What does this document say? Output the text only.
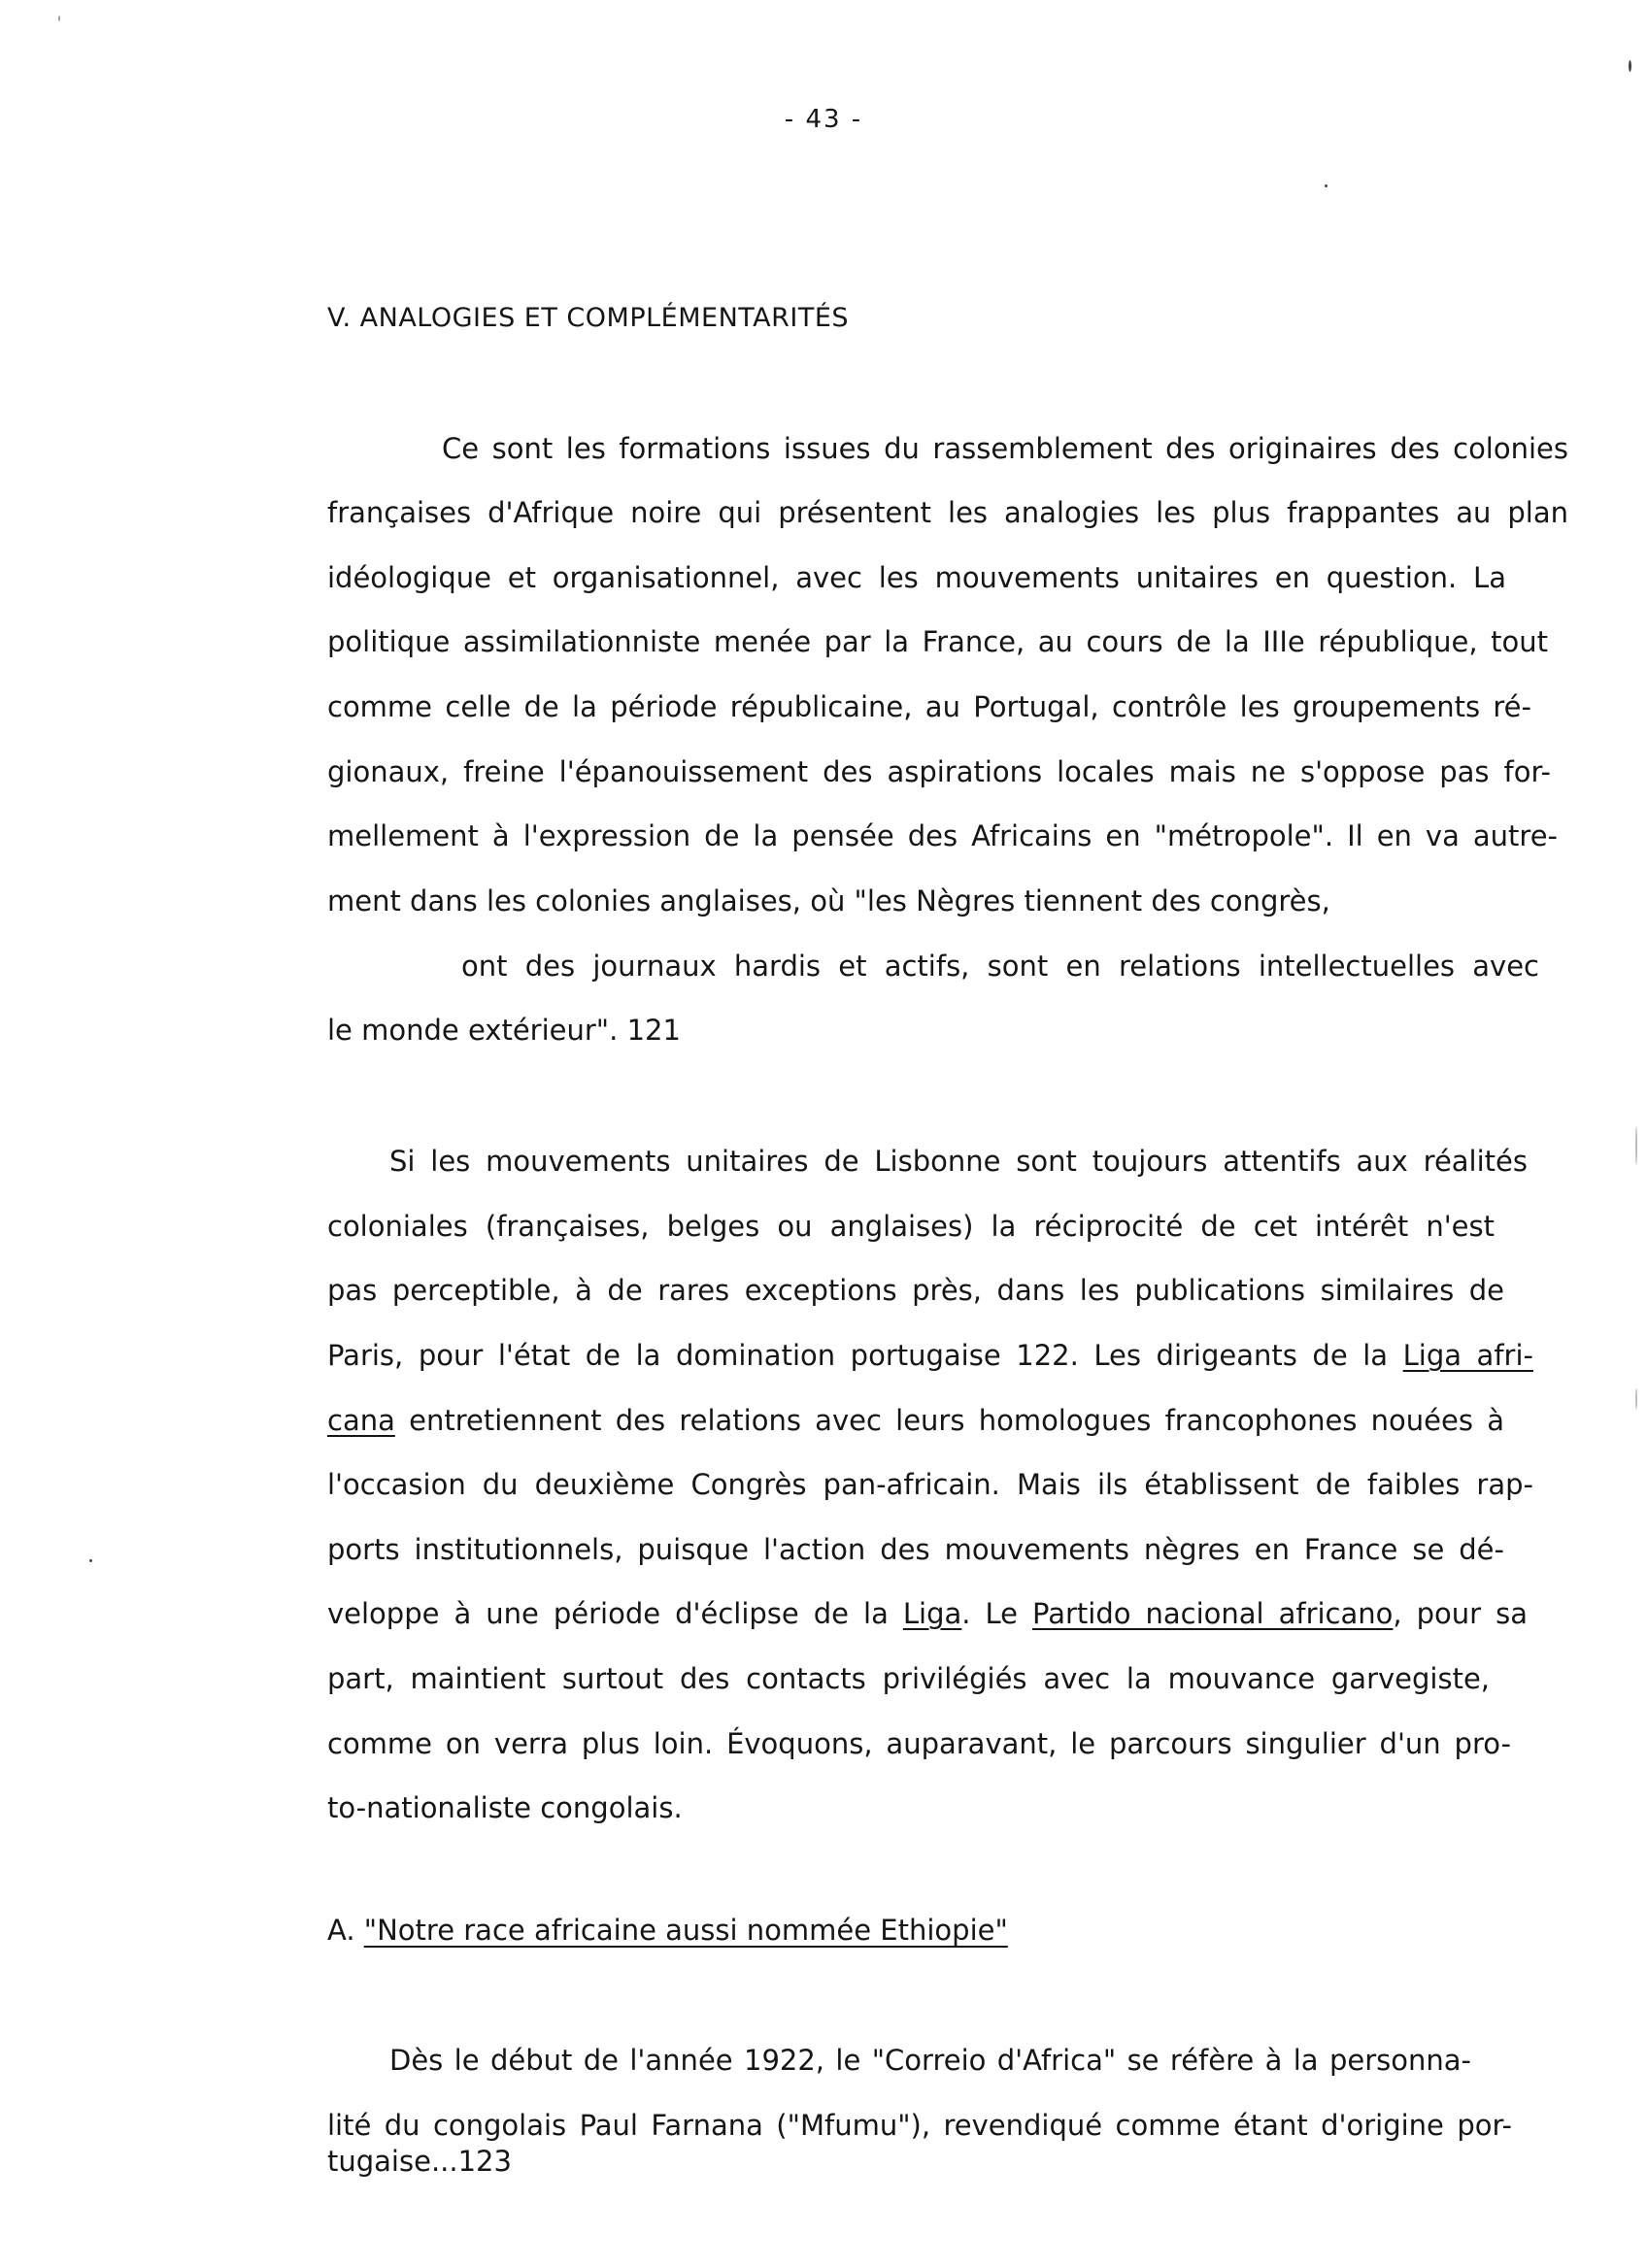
- 43 -
V. ANALOGIES ET COMPLÉMENTARITÉS
Ce sont les formations issues du rassemblement des originaires des colonies
françaises d'Afrique noire qui présentent les analogies les plus frappantes au plan
idéologique et organisationnel, avec les mouvements unitaires en question. La
politique assimilationniste menée par la France, au cours de la IIIe république, tout
comme celle de la période républicaine, au Portugal, contrôle les groupements ré-
gionaux, freine l'épanouissement des aspirations locales mais ne s'oppose pas for-
mellement à l'expression de la pensée des Africains en "métropole". Il en va autre-
ment dans les colonies anglaises, où "les Nègres tiennent des congrès,
ont des journaux hardis et actifs, sont en relations intellectuelles avec
le monde extérieur". 121
Si les mouvements unitaires de Lisbonne sont toujours attentifs aux réalités
coloniales (françaises, belges ou anglaises) la réciprocité de cet intérêt n'est
pas perceptible, à de rares exceptions près, dans les publications similaires de
Paris, pour l'état de la domination portugaise 122. Les dirigeants de la Liga afri-
cana entretiennent des relations avec leurs homologues francophones nouées à
l'occasion du deuxième Congrès pan-africain. Mais ils établissent de faibles rap-
ports institutionnels, puisque l'action des mouvements nègres en France se dé-
veloppe à une période d'éclipse de la Liga. Le Partido nacional africano, pour sa
part, maintient surtout des contacts privilégiés avec la mouvance garvegiste,
comme on verra plus loin. Évoquons, auparavant, le parcours singulier d'un pro-
to-nationaliste congolais.
A. "Notre race africaine aussi nommée Ethiopie"
Dès le début de l'année 1922, le "Correio d'Africa" se réfère à la personna-
lité du congolais Paul Farnana ("Mfumu"), revendiqué comme étant d'origine por-
tugaise...123
